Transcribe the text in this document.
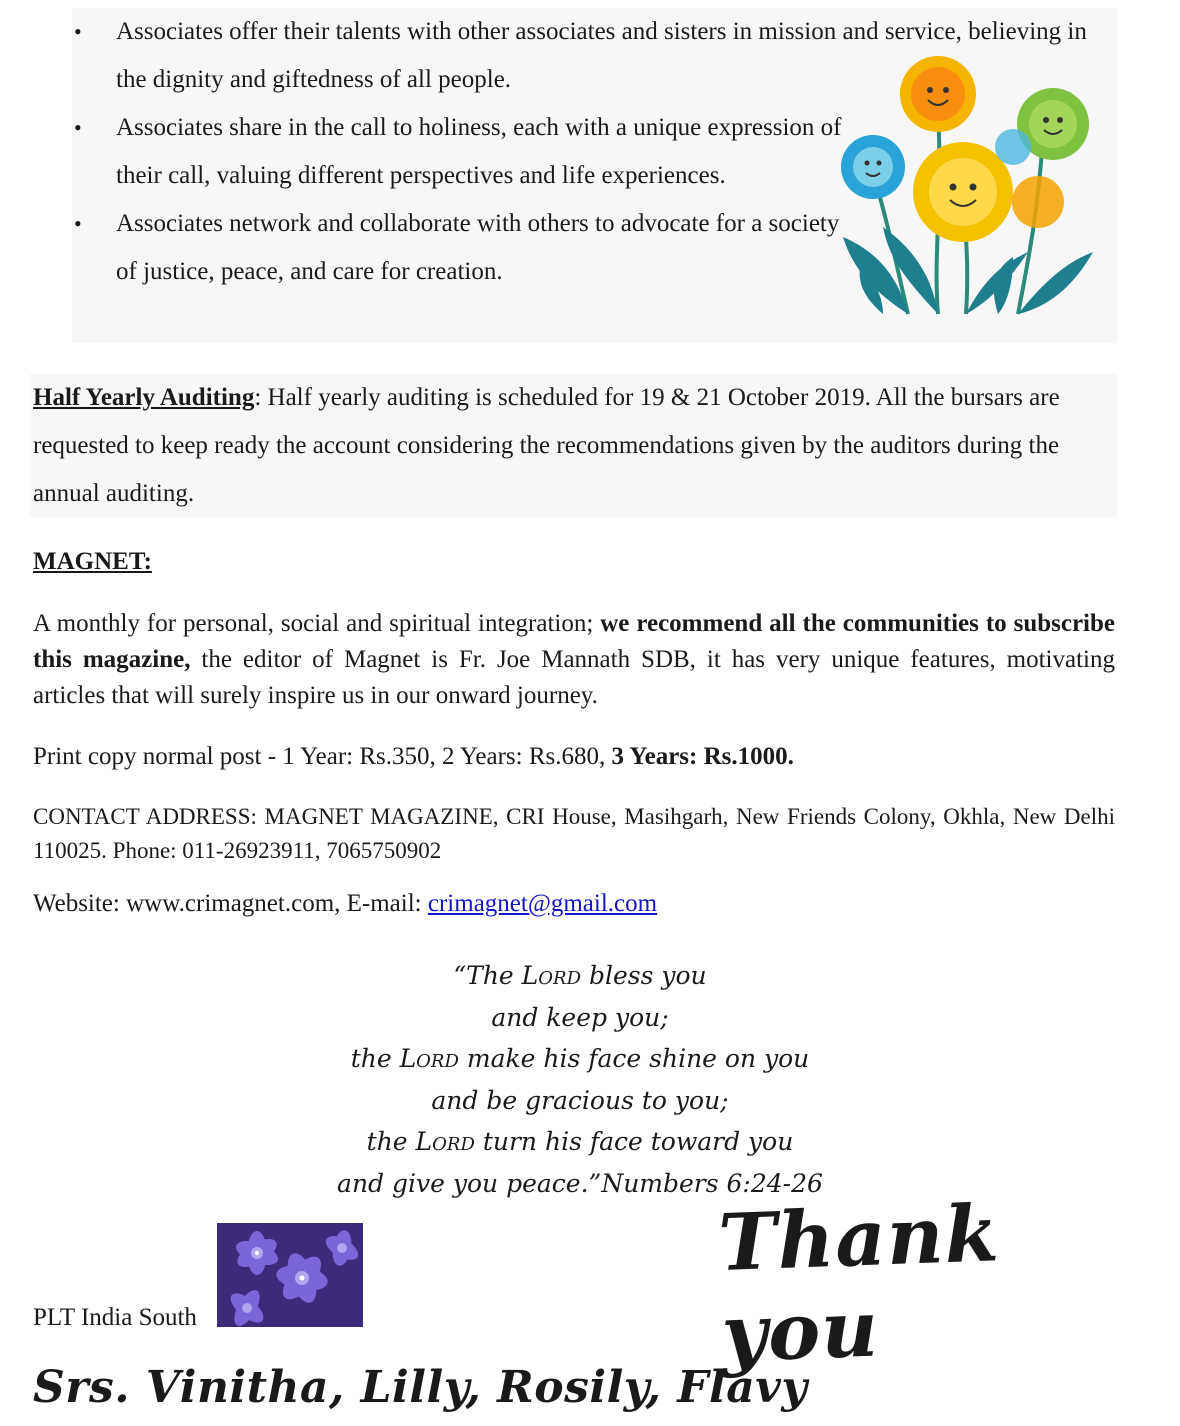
• Associates offer their talents with other associates and sisters in mission and service, believing in the dignity and giftedness of all people.
• Associates share in the call to holiness, each with a unique expression of their call, valuing different perspectives and life experiences.
• Associates network and collaborate with others to advocate for a society of justice, peace, and care for creation.

Half Yearly Auditing: Half yearly auditing is scheduled for 19 & 21 October 2019. All the bursars are requested to keep ready the account considering the recommendations given by the auditors during the annual auditing.

MAGNET:

A monthly for personal, social and spiritual integration; we recommend all the communities to subscribe this magazine, the editor of Magnet is Fr. Joe Mannath SDB, it has very unique features, motivating articles that will surely inspire us in our onward journey.

Print copy normal post - 1 Year: Rs.350, 2 Years: Rs.680, 3 Years: Rs.1000.

CONTACT ADDRESS: MAGNET MAGAZINE, CRI House, Masihgarh, New Friends Colony, Okhla, New Delhi 110025. Phone: 011-26923911, 7065750902

Website: www.crimagnet.com, E-mail: crimagnet@gmail.com

“The Lord bless you
and keep you;
the Lord make his face shine on you
and be gracious to you;
the Lord turn his face toward you
and give you peace.”Numbers 6:24-26

Thank you
PLT India South
Srs. Vinitha, Lilly, Rosily, Flavy
